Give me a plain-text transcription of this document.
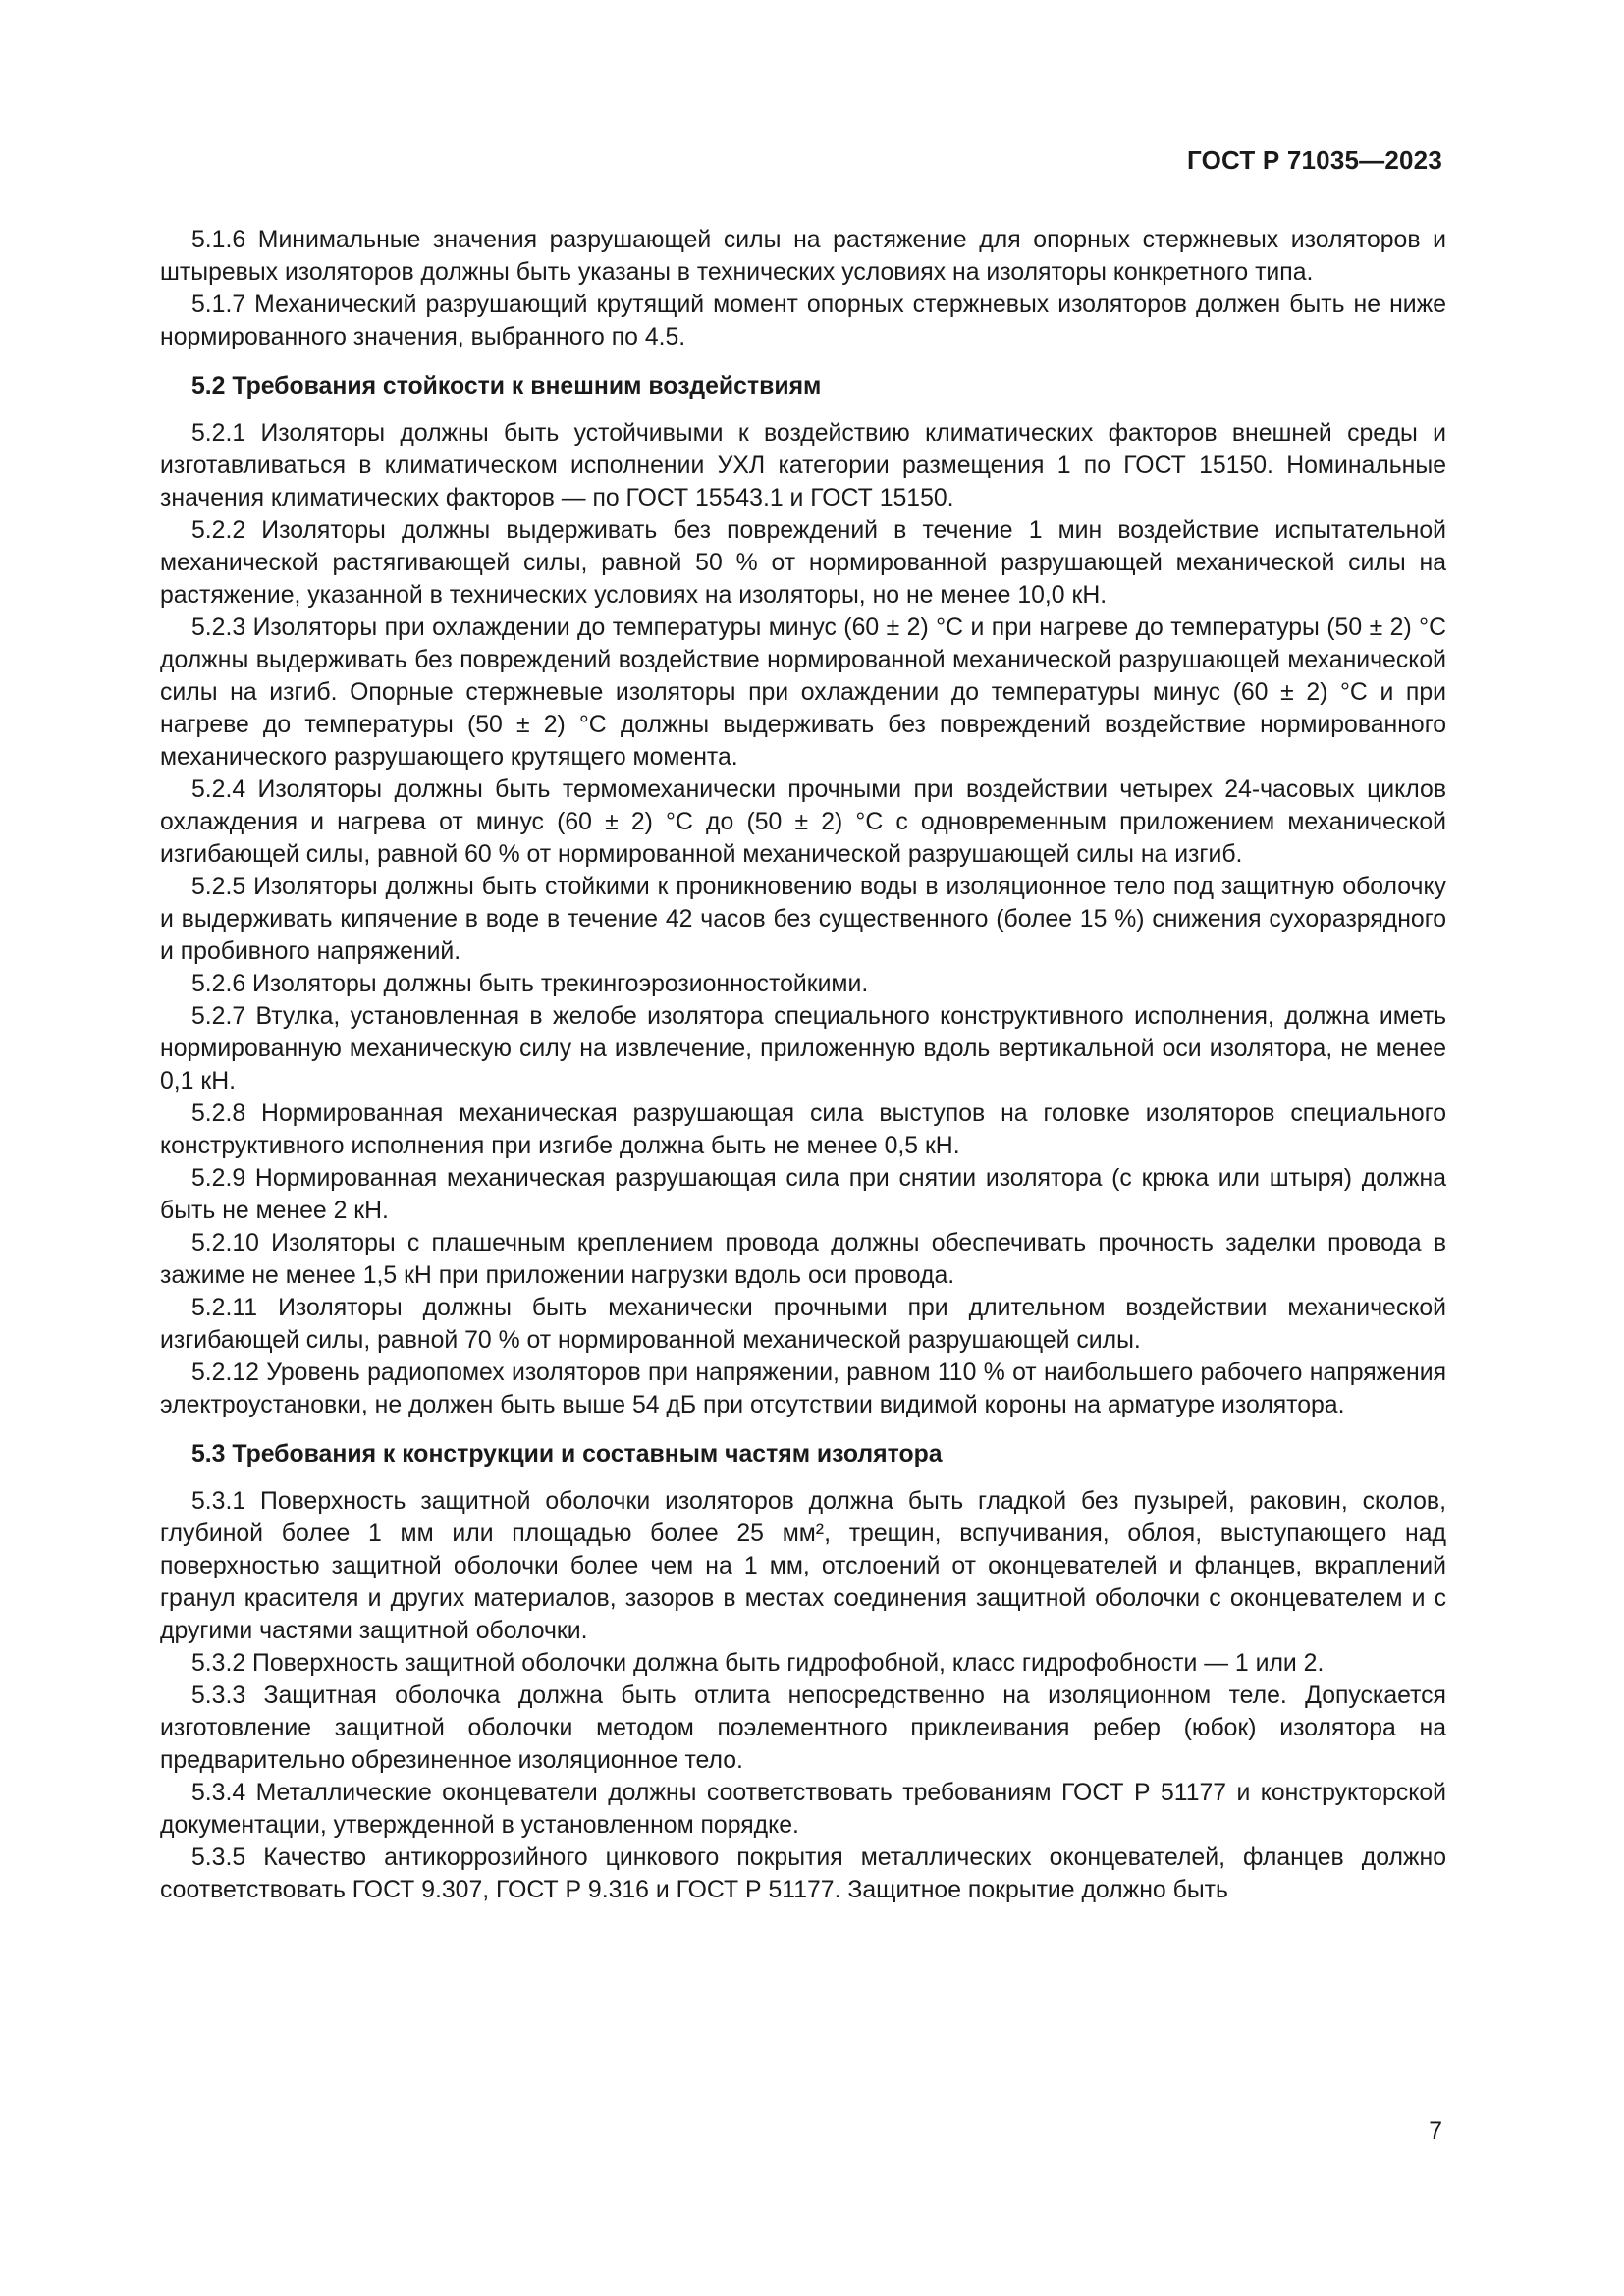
ГОСТ Р 71035—2023

5.1.6 Минимальные значения разрушающей силы на растяжение для опорных стержневых изоляторов и штыревых изоляторов должны быть указаны в технических условиях на изоляторы конкретного типа.

5.1.7 Механический разрушающий крутящий момент опорных стержневых изоляторов должен быть не ниже нормированного значения, выбранного по 4.5.

5.2 Требования стойкости к внешним воздействиям

5.2.1 Изоляторы должны быть устойчивыми к воздействию климатических факторов внешней среды и изготавливаться в климатическом исполнении УХЛ категории размещения 1 по ГОСТ 15150. Номинальные значения климатических факторов — по ГОСТ 15543.1 и ГОСТ 15150.

5.2.2 Изоляторы должны выдерживать без повреждений в течение 1 мин воздействие испытательной механической растягивающей силы, равной 50 % от нормированной разрушающей механической силы на растяжение, указанной в технических условиях на изоляторы, но не менее 10,0 кН.

5.2.3 Изоляторы при охлаждении до температуры минус (60 ± 2) °С и при нагреве до температуры (50 ± 2) °С должны выдерживать без повреждений воздействие нормированной механической разрушающей механической силы на изгиб. Опорные стержневые изоляторы при охлаждении до температуры минус (60 ± 2) °С и при нагреве до температуры (50 ± 2) °С должны выдерживать без повреждений воздействие нормированного механического разрушающего крутящего момента.

5.2.4 Изоляторы должны быть термомеханически прочными при воздействии четырех 24-часовых циклов охлаждения и нагрева от минус (60 ± 2) °С до (50 ± 2) °С с одновременным приложением механической изгибающей силы, равной 60 % от нормированной механической разрушающей силы на изгиб.

5.2.5 Изоляторы должны быть стойкими к проникновению воды в изоляционное тело под защитную оболочку и выдерживать кипячение в воде в течение 42 часов без существенного (более 15 %) снижения сухоразрядного и пробивного напряжений.

5.2.6 Изоляторы должны быть трекингоэрозионностойкими.

5.2.7 Втулка, установленная в желобе изолятора специального конструктивного исполнения, должна иметь нормированную механическую силу на извлечение, приложенную вдоль вертикальной оси изолятора, не менее 0,1 кН.

5.2.8 Нормированная механическая разрушающая сила выступов на головке изоляторов специального конструктивного исполнения при изгибе должна быть не менее 0,5 кН.

5.2.9 Нормированная механическая разрушающая сила при снятии изолятора (с крюка или штыря) должна быть не менее 2 кН.

5.2.10 Изоляторы с плашечным креплением провода должны обеспечивать прочность заделки провода в зажиме не менее 1,5 кН при приложении нагрузки вдоль оси провода.

5.2.11 Изоляторы должны быть механически прочными при длительном воздействии механической изгибающей силы, равной 70 % от нормированной механической разрушающей силы.

5.2.12 Уровень радиопомех изоляторов при напряжении, равном 110 % от наибольшего рабочего напряжения электроустановки, не должен быть выше 54 дБ при отсутствии видимой короны на арматуре изолятора.

5.3 Требования к конструкции и составным частям изолятора

5.3.1 Поверхность защитной оболочки изоляторов должна быть гладкой без пузырей, раковин, сколов, глубиной более 1 мм или площадью более 25 мм², трещин, вспучивания, облоя, выступающего над поверхностью защитной оболочки более чем на 1 мм, отслоений от оконцевателей и фланцев, вкраплений гранул красителя и других материалов, зазоров в местах соединения защитной оболочки с оконцевателем и с другими частями защитной оболочки.

5.3.2 Поверхность защитной оболочки должна быть гидрофобной, класс гидрофобности — 1 или 2.

5.3.3 Защитная оболочка должна быть отлита непосредственно на изоляционном теле. Допускается изготовление защитной оболочки методом поэлементного приклеивания ребер (юбок) изолятора на предварительно обрезиненное изоляционное тело.

5.3.4 Металлические оконцеватели должны соответствовать требованиям ГОСТ Р 51177 и конструкторской документации, утвержденной в установленном порядке.

5.3.5 Качество антикоррозийного цинкового покрытия металлических оконцевателей, фланцев должно соответствовать ГОСТ 9.307, ГОСТ Р 9.316 и ГОСТ Р 51177. Защитное покрытие должно быть

7
